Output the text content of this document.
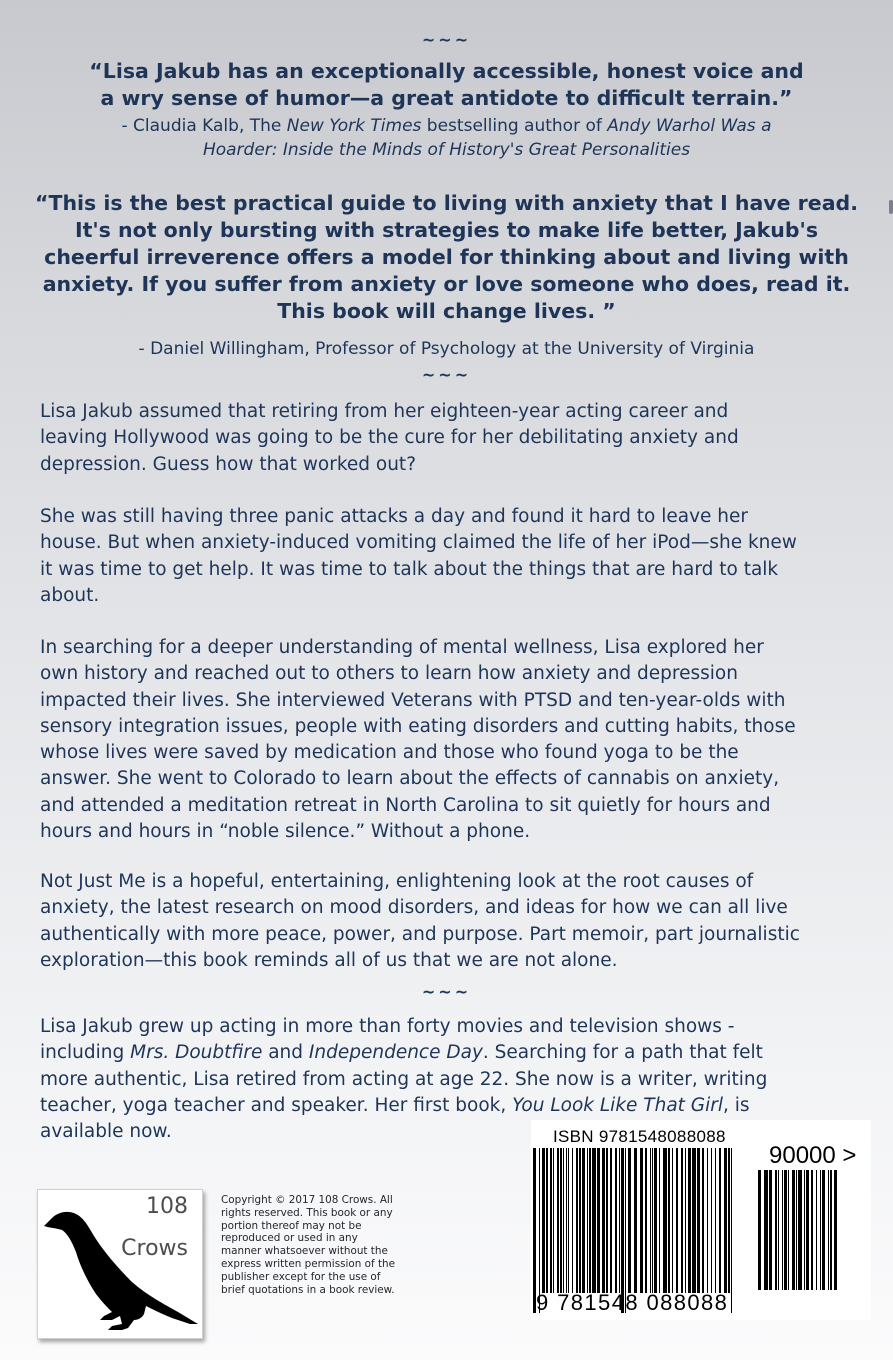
~~~
“Lisa Jakub has an exceptionally accessible, honest voice and
a wry sense of humor—a great antidote to difficult terrain.”
- Claudia Kalb, The New York Times bestselling author of Andy Warhol Was a
Hoarder: Inside the Minds of History's Great Personalities
“This is the best practical guide to living with anxiety that I have read.
It's not only bursting with strategies to make life better, Jakub's
cheerful irreverence offers a model for thinking about and living with
anxiety. If you suffer from anxiety or love someone who does, read it.
This book will change lives. ”
- Daniel Willingham, Professor of Psychology at the University of Virginia
~~~
Lisa Jakub assumed that retiring from her eighteen-year acting career and
leaving Hollywood was going to be the cure for her debilitating anxiety and
depression. Guess how that worked out?
She was still having three panic attacks a day and found it hard to leave her
house. But when anxiety-induced vomiting claimed the life of her iPod—she knew
it was time to get help. It was time to talk about the things that are hard to talk
about.
In searching for a deeper understanding of mental wellness, Lisa explored her
own history and reached out to others to learn how anxiety and depression
impacted their lives. She interviewed Veterans with PTSD and ten-year-olds with
sensory integration issues, people with eating disorders and cutting habits, those
whose lives were saved by medication and those who found yoga to be the
answer. She went to Colorado to learn about the effects of cannabis on anxiety,
and attended a meditation retreat in North Carolina to sit quietly for hours and
hours and hours in “noble silence.” Without a phone.
Not Just Me is a hopeful, entertaining, enlightening look at the root causes of
anxiety, the latest research on mood disorders, and ideas for how we can all live
authentically with more peace, power, and purpose. Part memoir, part journalistic
exploration—this book reminds all of us that we are not alone.
~~~
Lisa Jakub grew up acting in more than forty movies and television shows -
including Mrs. Doubtfire and Independence Day. Searching for a path that felt
more authentic, Lisa retired from acting at age 22. She now is a writer, writing
teacher, yoga teacher and speaker. Her first book, You Look Like That Girl, is
available now.
108
Crows

Copyright © 2017 108 Crows. All rights reserved. This book or any portion thereof may not be reproduced or used in any manner whatsoever without the express written permission of the publisher except for the use of brief quotations in a book review.

ISBN 9781548088088
90000 >
9 781548 088088
